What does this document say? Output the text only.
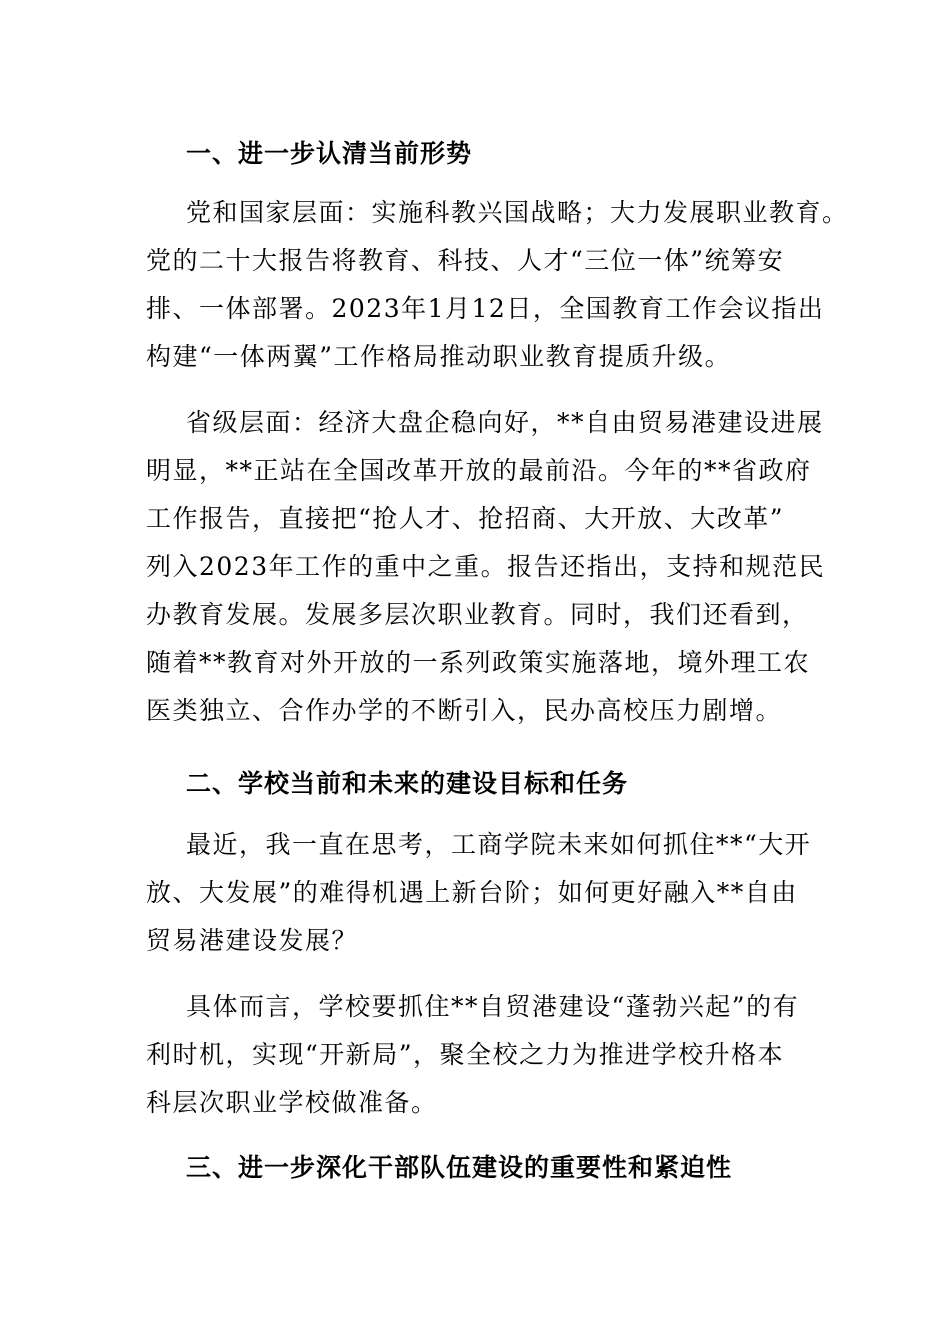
一、进一步认清当前形势
党和国家层面：实施科教兴国战略；大力发展职业教育。
党的二十大报告将教育、科技、人才“三位一体”统筹安
排、一体部署。2023年1月12日，全国教育工作会议指出
构建“一体两翼”工作格局推动职业教育提质升级。
省级层面：经济大盘企稳向好，**自由贸易港建设进展
明显，**正站在全国改革开放的最前沿。今年的**省政府
工作报告，直接把“抢人才、抢招商、大开放、大改革”
列入2023年工作的重中之重。报告还指出，支持和规范民
办教育发展。发展多层次职业教育。同时，我们还看到，
随着**教育对外开放的一系列政策实施落地，境外理工农
医类独立、合作办学的不断引入，民办高校压力剧增。
二、学校当前和未来的建设目标和任务
最近，我一直在思考，工商学院未来如何抓住**“大开
放、大发展”的难得机遇上新台阶；如何更好融入**自由
贸易港建设发展？
具体而言，学校要抓住**自贸港建设“蓬勃兴起”的有
利时机，实现“开新局”，聚全校之力为推进学校升格本
科层次职业学校做准备。
三、进一步深化干部队伍建设的重要性和紧迫性
